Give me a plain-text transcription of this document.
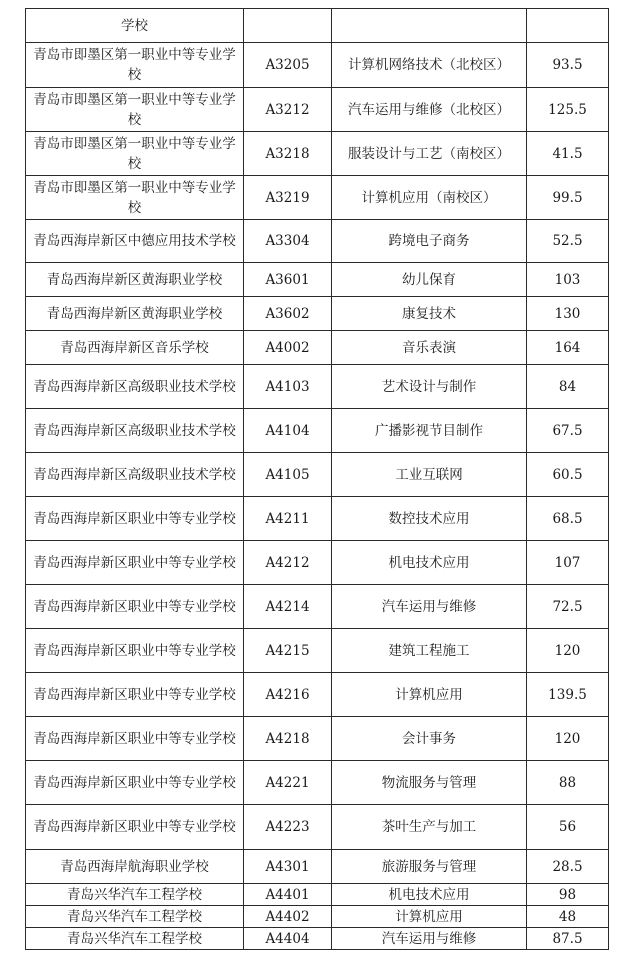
学校			
青岛市即墨区第一职业中等专业学校	A3205	计算机网络技术（北校区）	93.5
青岛市即墨区第一职业中等专业学校	A3212	汽车运用与维修（北校区）	125.5
青岛市即墨区第一职业中等专业学校	A3218	服装设计与工艺（南校区）	41.5
青岛市即墨区第一职业中等专业学校	A3219	计算机应用（南校区）	99.5
青岛西海岸新区中德应用技术学校	A3304	跨境电子商务	52.5
青岛西海岸新区黄海职业学校	A3601	幼儿保育	103
青岛西海岸新区黄海职业学校	A3602	康复技术	130
青岛西海岸新区音乐学校	A4002	音乐表演	164
青岛西海岸新区高级职业技术学校	A4103	艺术设计与制作	84
青岛西海岸新区高级职业技术学校	A4104	广播影视节目制作	67.5
青岛西海岸新区高级职业技术学校	A4105	工业互联网	60.5
青岛西海岸新区职业中等专业学校	A4211	数控技术应用	68.5
青岛西海岸新区职业中等专业学校	A4212	机电技术应用	107
青岛西海岸新区职业中等专业学校	A4214	汽车运用与维修	72.5
青岛西海岸新区职业中等专业学校	A4215	建筑工程施工	120
青岛西海岸新区职业中等专业学校	A4216	计算机应用	139.5
青岛西海岸新区职业中等专业学校	A4218	会计事务	120
青岛西海岸新区职业中等专业学校	A4221	物流服务与管理	88
青岛西海岸新区职业中等专业学校	A4223	茶叶生产与加工	56
青岛西海岸航海职业学校	A4301	旅游服务与管理	28.5
青岛兴华汽车工程学校	A4401	机电技术应用	98
青岛兴华汽车工程学校	A4402	计算机应用	48
青岛兴华汽车工程学校	A4404	汽车运用与维修	87.5
